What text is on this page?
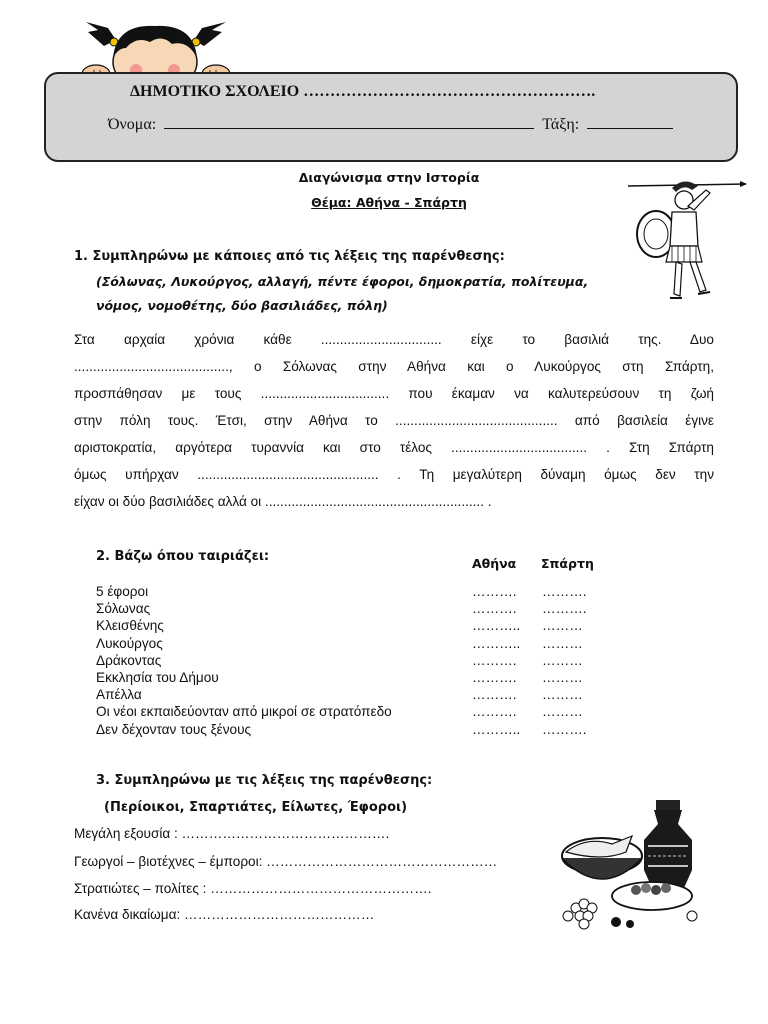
ΔΗΜΟΤΙΚΟ ΣΧΟΛΕΙΟ ……………………………………………….
Όνομα:	Τάξη:
Διαγώνισμα στην Ιστορία
Θέμα: Αθήνα - Σπάρτη
1. Συμπληρώνω με κάποιες από τις λέξεις της παρένθεσης:
(Σόλωνας, Λυκούργος, αλλαγή, πέντε έφοροι, δημοκρατία, πολίτευμα,
νόμος, νομοθέτης, δύο βασιλιάδες, πόλη)

Στα αρχαία χρόνια κάθε ................................ είχε το βασιλιά της. Δυο

........................................., ο Σόλωνας στην Αθήνα και ο Λυκούργος στη Σπάρτη,

προσπάθησαν με τους .................................. που έκαμαν να καλυτερεύσουν τη ζωή

στην πόλη τους. Έτσι, στην Αθήνα το ........................................... από βασιλεία έγινε

αριστοκρατία, αργότερα τυραννία και στο τέλος .................................... . Στη Σπάρτη

όμως υπήρχαν ................................................ . Τη μεγαλύτερη δύναμη όμως δεν την

είχαν οι δύο βασιλιάδες αλλά οι .......................................................... .

2. Βάζω όπου ταιριάζει:	Αθήνα Σπάρτη
5 έφοροι	………. ……….
Σόλωνας	………. ……….
Κλεισθένης	……….. ………
Λυκούργος	……….. ………
Δράκοντας	………. ………
Εκκλησία του Δήμου	………. ………
Απέλλα	………. ………
Οι νέοι εκπαιδεύονταν από μικροί σε στρατόπεδο	………. ………
Δεν δέχονταν τους ξένους	……….. ……….
3. Συμπληρώνω με τις λέξεις της παρένθεσης:
(Περίοικοι, Σπαρτιάτες, Είλωτες, Έφοροι)
Μεγάλη εξουσία : ……………………………………….
Γεωργοί – βιοτέχνες – έμποροι: ……………………………………………
Στρατιώτες – πολίτες : ………………………………………….
Κανένα δικαίωμα: ……………………………………
